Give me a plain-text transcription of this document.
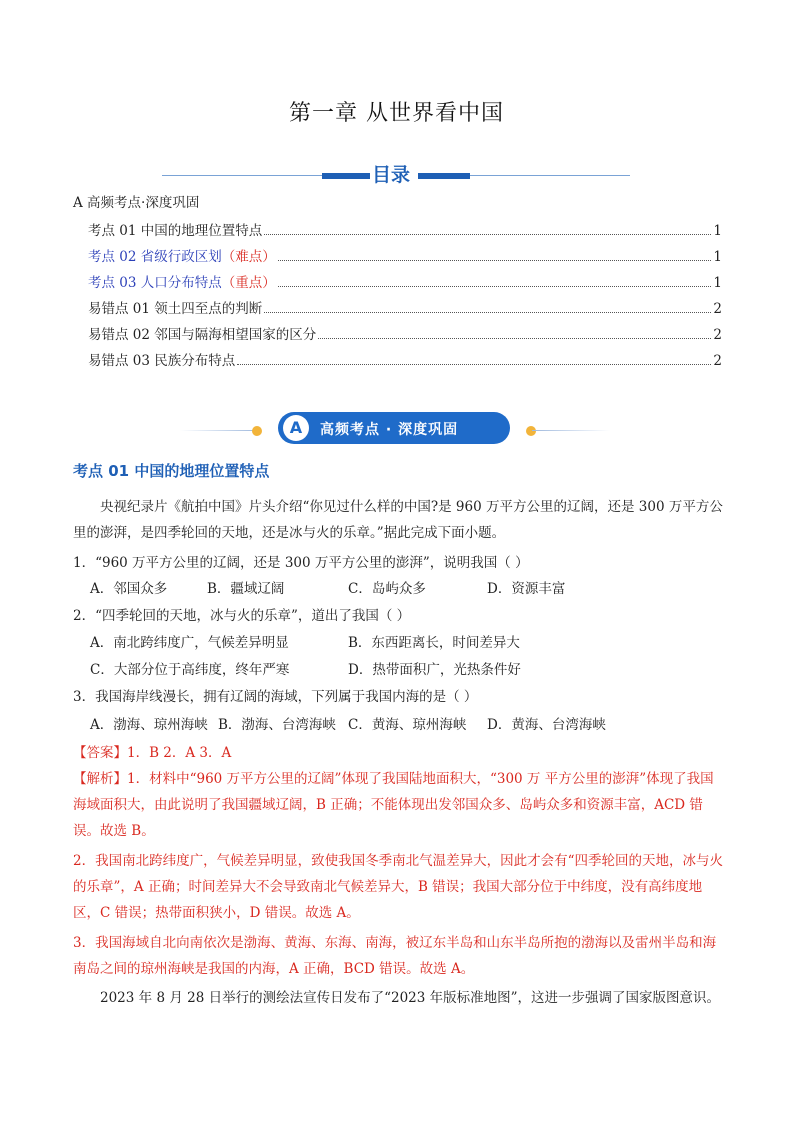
第一章 从世界看中国
目录
A 高频考点·深度巩固
考点 01 中国的地理位置特点	1
考点 02 省级行政区划 （难点）	1
考点 03 人口分布特点 （重点）	1
易错点 01 领土四至点的判断	2
易错点 02 邻国与隔海相望国家的区分	2
易错点 03 民族分布特点	2
A	高频考点 · 深度巩固
考点 01 中国的地理位置特点
央视纪录片《航拍中国》片头介绍“你见过什么样的中国?是 960 万平方公里的辽阔，还是 300 万平方公里的澎湃，是四季轮回的天地，还是冰与火的乐章。”据此完成下面小题。
1．“960 万平方公里的辽阔，还是 300 万平方公里的澎湃”，说明我国（ ）
A．邻国众多	B．疆域辽阔	C．岛屿众多	D．资源丰富
2．“四季轮回的天地，冰与火的乐章”，道出了我国（ ）
A．南北跨纬度广，气候差异明显	B．东西距离长，时间差异大
C．大部分位于高纬度，终年严寒	D．热带面积广，光热条件好
3．我国海岸线漫长，拥有辽阔的海域，下列属于我国内海的是（ ）
A．渤海、琼州海峡 B．渤海、台湾海峡 C．黄海、琼州海峡 D．黄海、台湾海峡
【答案】1．B 2．A 3．A
【解析】1．材料中“960 万平方公里的辽阔”体现了我国陆地面积大，“300 万 平方公里的澎湃”体现了我国海域面积大，由此说明了我国疆域辽阔，B 正确；不能体现出发邻国众多、岛屿众多和资源丰富，ACD 错误。故选 B。
2．我国南北跨纬度广，气候差异明显，致使我国冬季南北气温差异大，因此才会有“四季轮回的天地，冰与火的乐章”，A 正确；时间差异大不会导致南北气候差异大，B 错误；我国大部分位于中纬度，没有高纬度地区，C 错误；热带面积狭小，D 错误。故选 A。
3．我国海域自北向南依次是渤海、黄海、东海、南海，被辽东半岛和山东半岛所抱的渤海以及雷州半岛和海南岛之间的琼州海峡是我国的内海，A 正确，BCD 错误。故选 A。
2023 年 8 月 28 日举行的测绘法宣传日发布了“2023 年版标准地图”，这进一步强调了国家版图意识。
